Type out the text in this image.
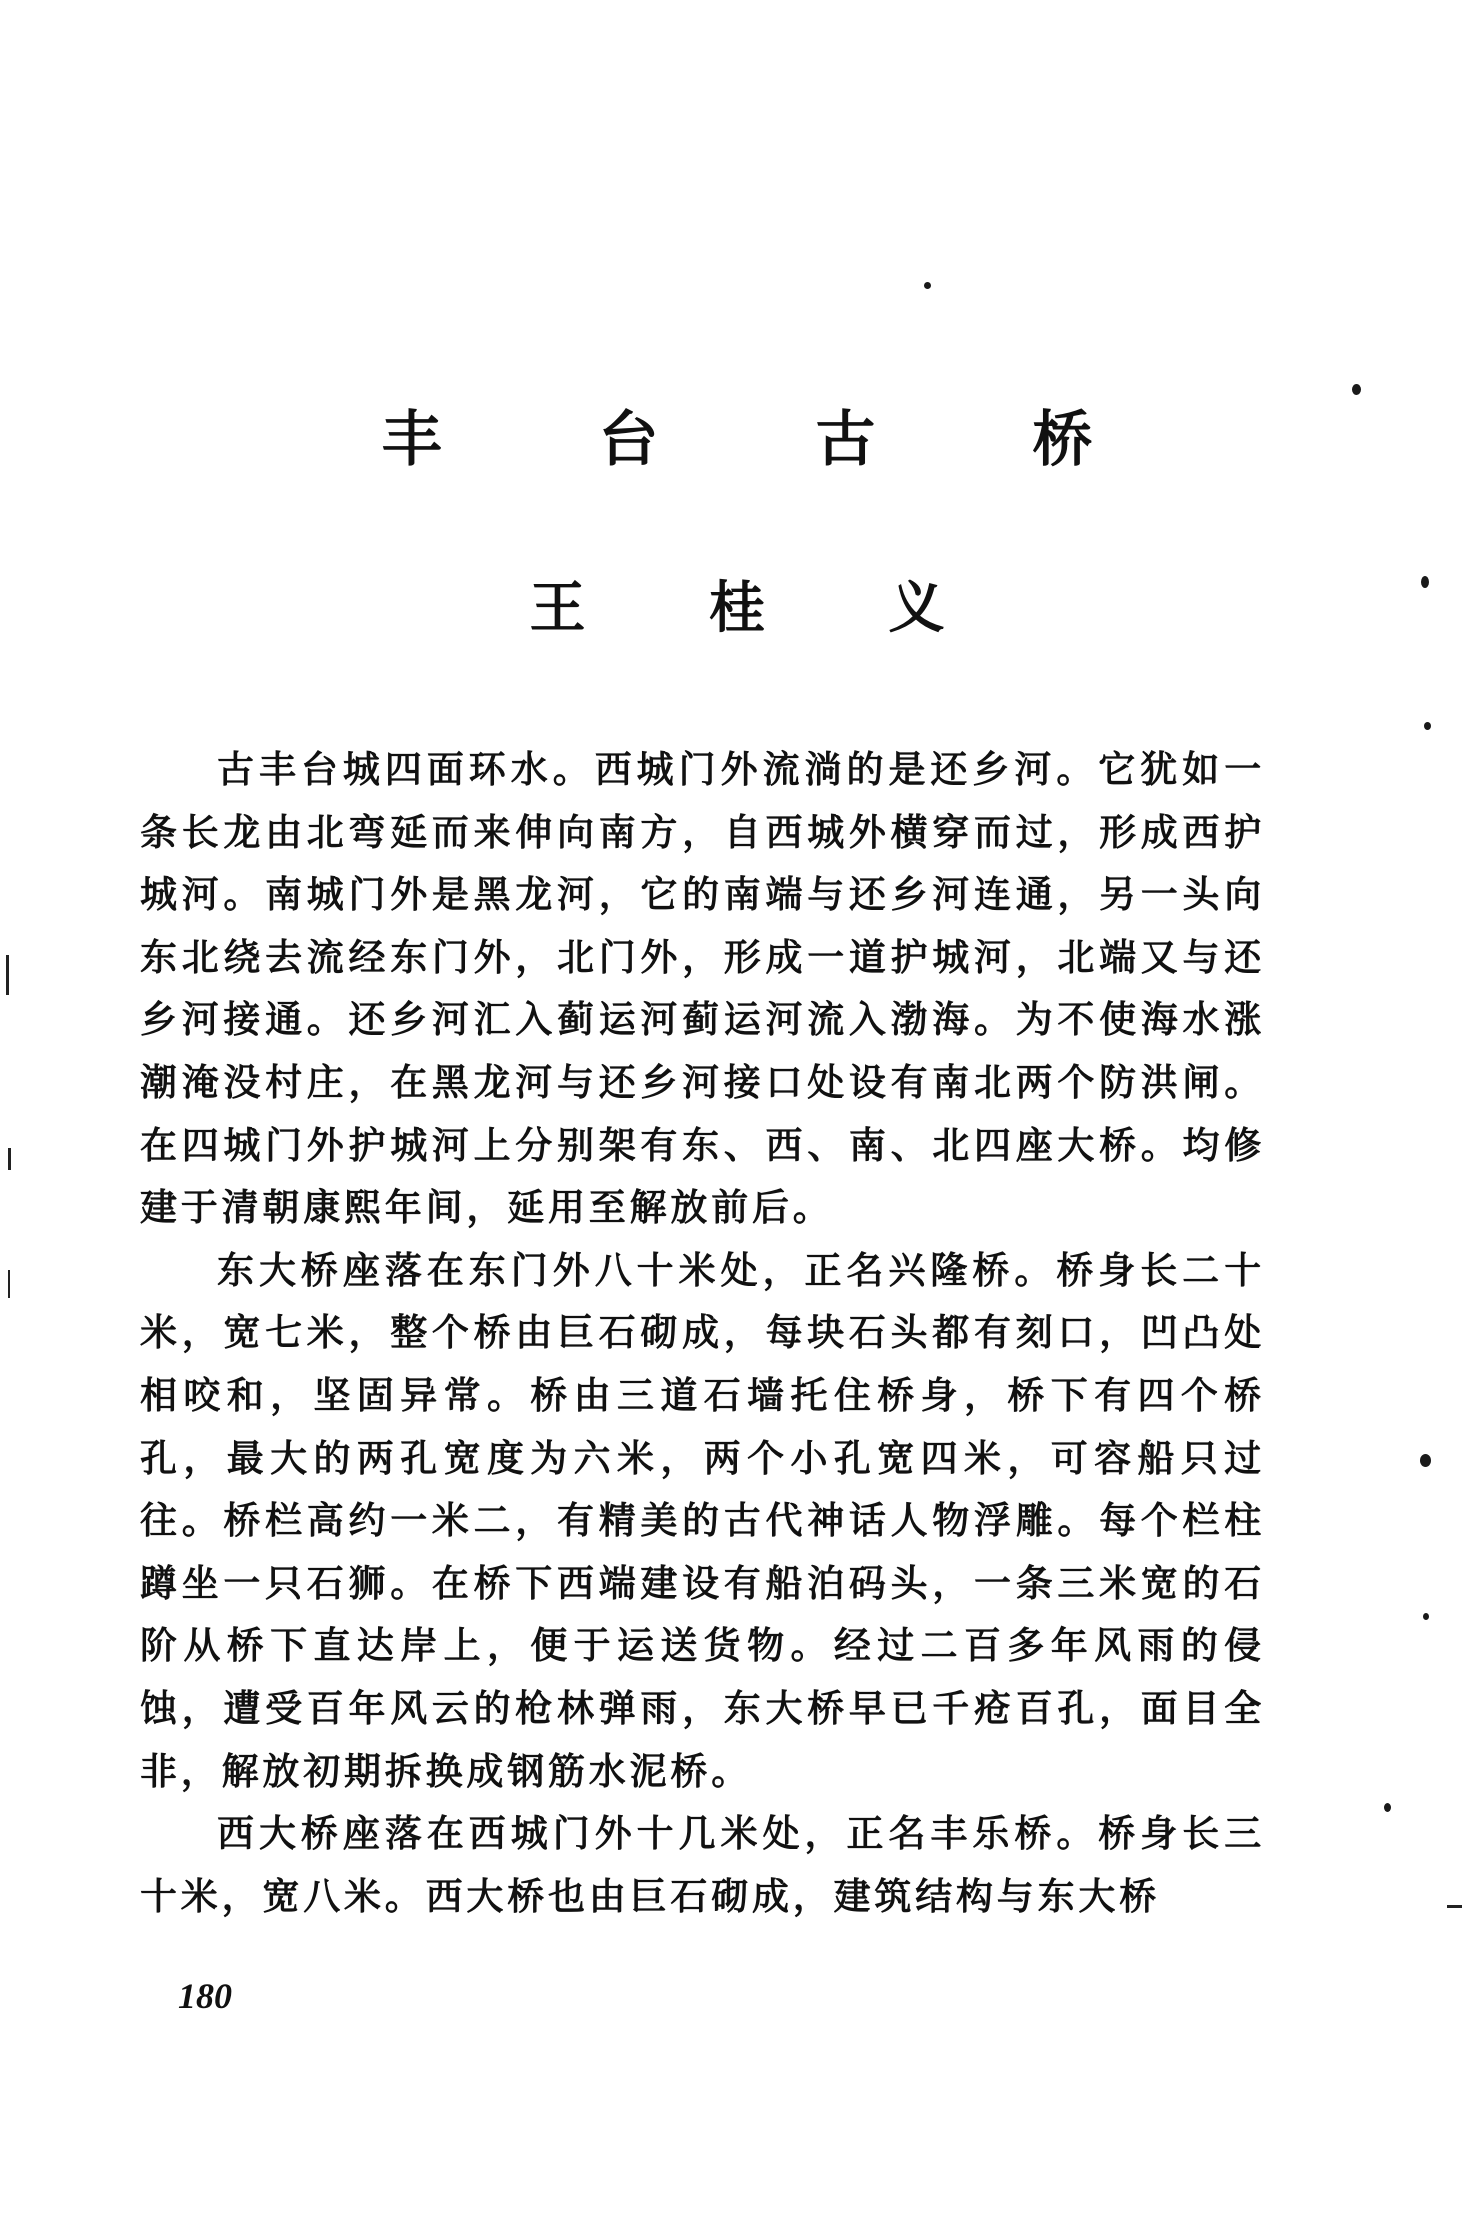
丰 台 古 桥
王 桂 义

古丰台城四面环水。西城门外流淌的是还乡河。它犹如一条长龙由北弯延而来伸向南方，自西城外横穿而过，形成西护城河。南城门外是黑龙河，它的南端与还乡河连通，另一头向东北绕去流经东门外，北门外，形成一道护城河，北端又与还乡河接通。还乡河汇入蓟运河蓟运河流入渤海。为不使海水涨潮淹没村庄，在黑龙河与还乡河接口处设有南北两个防洪闸。在四城门外护城河上分别架有东、西、南、北四座大桥。均修建于清朝康熙年间，延用至解放前后。

东大桥座落在东门外八十米处，正名兴隆桥。桥身长二十米，宽七米，整个桥由巨石砌成，每块石头都有刻口，凹凸处相咬和，坚固异常。桥由三道石墙托住桥身，桥下有四个桥孔，最大的两孔宽度为六米，两个小孔宽四米，可容船只过往。桥栏高约一米二，有精美的古代神话人物浮雕。每个栏柱蹲坐一只石狮。在桥下西端建设有船泊码头，一条三米宽的石阶从桥下直达岸上，便于运送货物。经过二百多年风雨的侵蚀，遭受百年风云的枪林弹雨，东大桥早已千疮百孔，面目全非，解放初期拆换成钢筋水泥桥。

西大桥座落在西城门外十几米处，正名丰乐桥。桥身长三十米，宽八米。西大桥也由巨石砌成，建筑结构与东大桥

180
